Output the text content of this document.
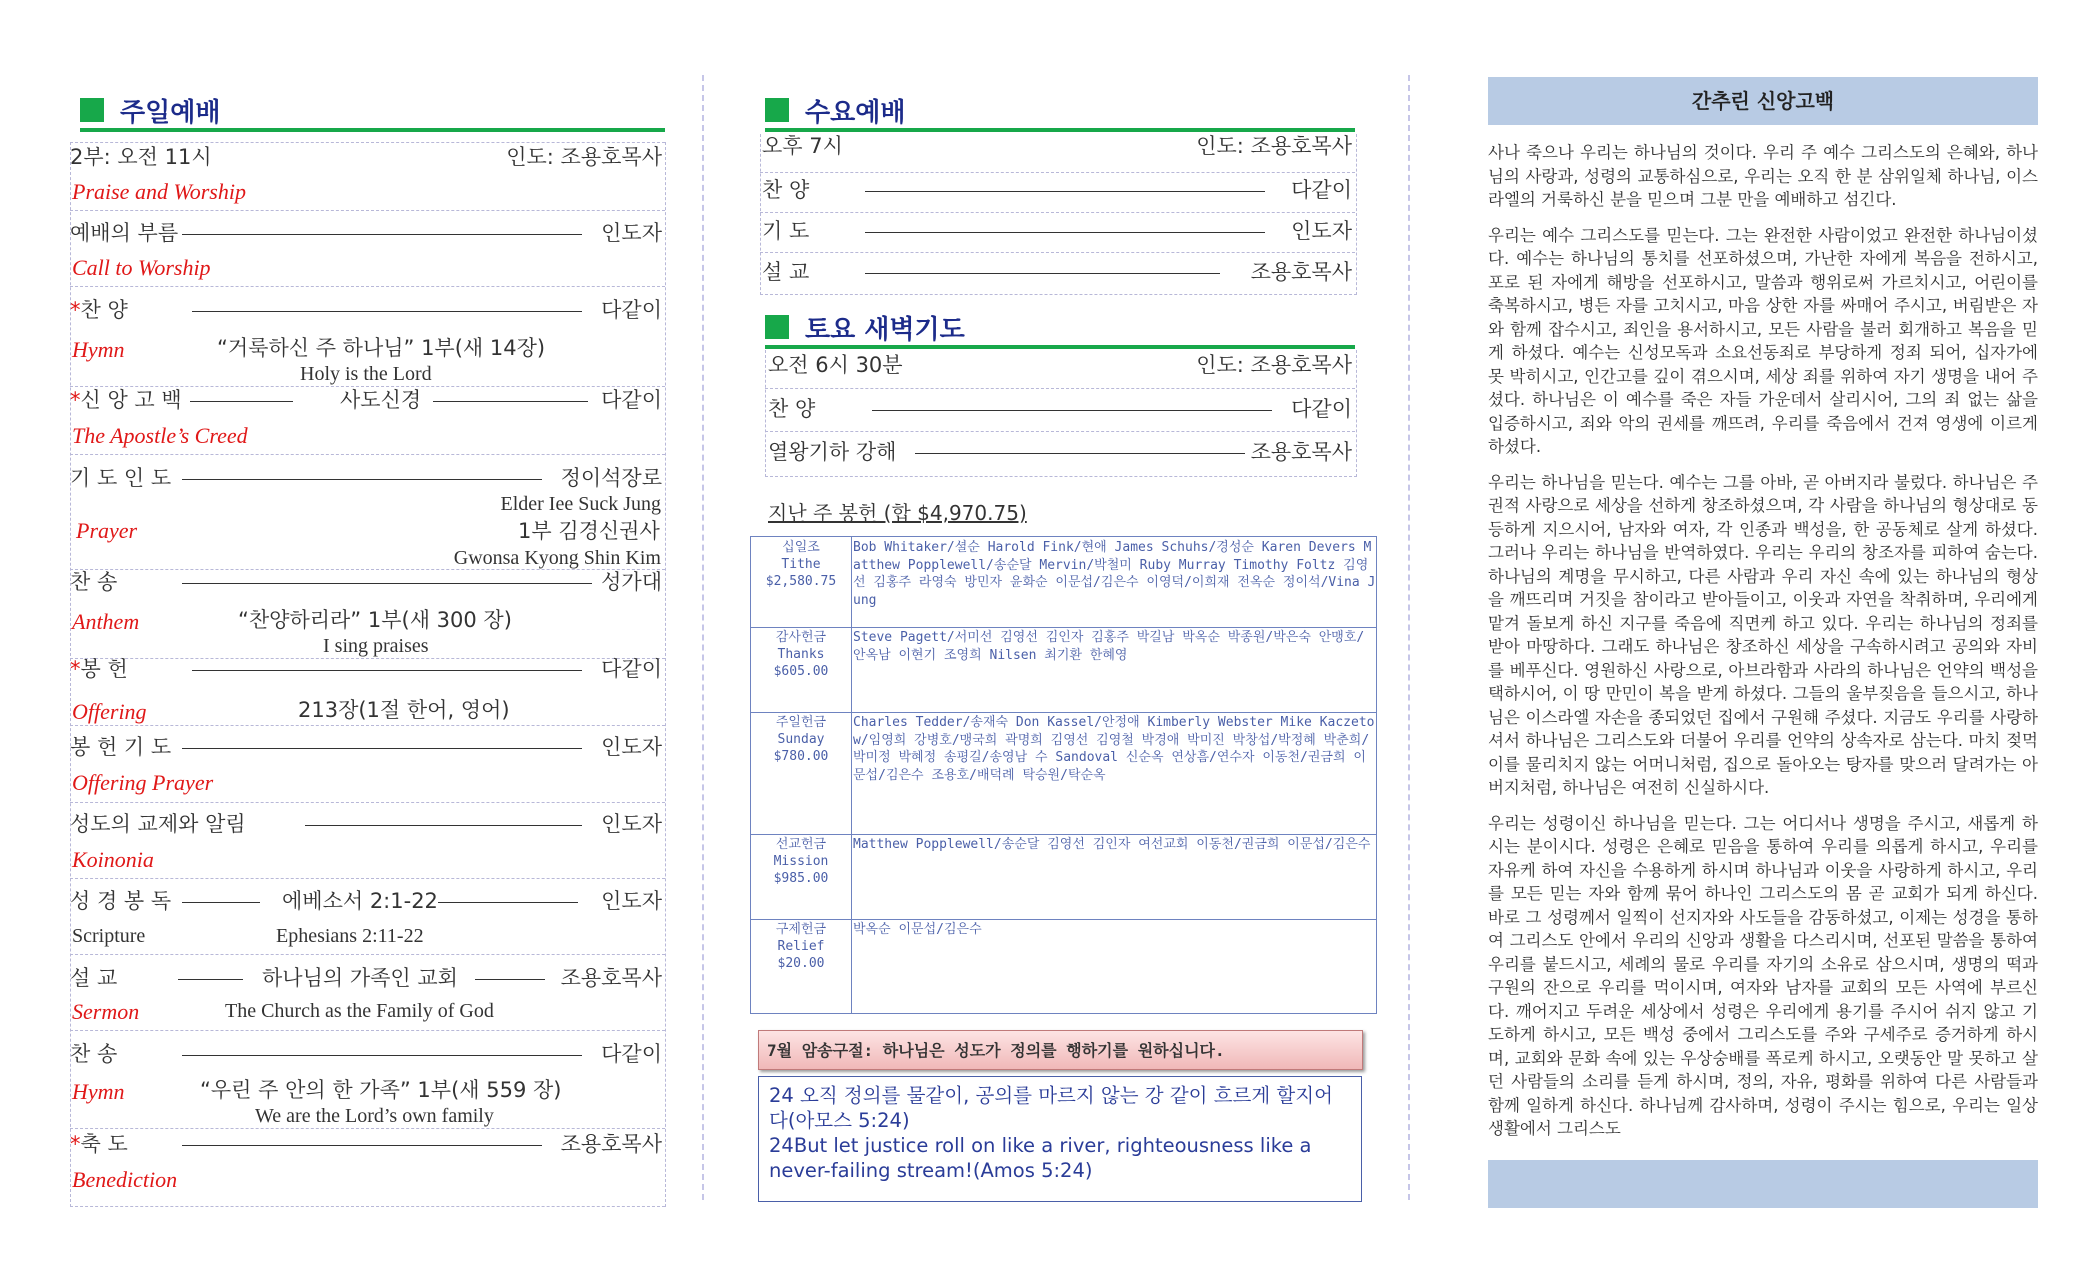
주일예배
2부: 오전 11시	인도: 조용호목사
Praise and Worship
예배의 부름	인도자
Call to Worship
*찬 양	다같이
Hymn	“거룩하신 주 하나님” 1부(새 14장)
Holy is the Lord
*신 앙 고 백	다같이
사도신경
The Apostle’s Creed
기 도 인 도	정이석장로
Elder Iee Suck Jung
Prayer	1부 김경신권사
Gwonsa Kyong Shin Kim
찬 송	성가대
Anthem	“찬양하리라” 1부(새 300 장)
I sing praises
*봉 헌	다같이
Offering	213장(1절 한어, 영어)
봉 헌 기 도	인도자
Offering Prayer
성도의 교제와 알림	인도자
Koinonia
성 경 봉 독	인도자
에베소서 2:1-22
Scripture	Ephesians 2:11-22
설 교	조용호목사
하나님의 가족인 교회
Sermon	The Church as the Family of God
찬 송	다같이
Hymn	“우린 주 안의 한 가족” 1부(새 559 장)
We are the Lord’s own family
*축 도	조용호목사
Benediction
수요예배
오후 7시	인도: 조용호목사
찬 양	다같이
기 도	인도자
설 교	조용호목사
토요 새벽기도
오전 6시 30분	인도: 조용호목사
찬 양	다같이
열왕기하 강해	조용호목사
지난 주 봉헌 (합 $4,970.75)
십일조
Tithe
$2,580.75
Bob Whitaker/셜순 Harold Fink/현애 James Schuhs/경성순 Karen Devers Matthew Popplewell/송순달 Mervin/박철미 Ruby Murray Timothy Foltz 김영선 김홍주 라영숙 방민자 윤화순 이문섭/김은수 이영덕/이희재 전옥순 정이석/Vina Jung
감사헌금
Thanks
$605.00
Steve Pagett/서미선 김영선 김인자 김홍주 박길남 박옥순 박종원/박은숙 안맹호/안옥남 이현기 조영희 Nilsen 최기환 한혜영
주일헌금
Sunday
$780.00
Charles Tedder/송재숙 Don Kassel/안정애 Kimberly Webster Mike Kaczetow/임영희 강병호/맹국희 곽명희 김영선 김영철 박경애 박미진 박창섭/박정혜 박춘희/박미정 박혜정 송평길/송영남 수 Sandoval 신순옥 연상흠/연수자 이동천/권금희 이문섭/김은수 조용호/배덕례 탁승원/탁순옥
선교헌금
Mission
$985.00
Matthew Popplewell/송순달 김영선 김인자 여선교회 이동천/권금희 이문섭/김은수
구제헌금
Relief
$20.00
박옥순 이문섭/김은수
7월 암송구절: 하나님은 성도가 정의를 행하기를 원하십니다.
24 오직 정의를 물같이, 공의를 마르지 않는 강 같이 흐르게 할지어다(아모스 5:24)
24But let justice roll on like a river, righteousness like a never-failing stream!(Amos 5:24)
간추린 신앙고백

사나 죽으나 우리는 하나님의 것이다. 우리 주 예수 그리스도의 은혜와, 하나님의 사랑과, 성령의 교통하심으로, 우리는 오직 한 분 삼위일체 하나님, 이스라엘의 거룩하신 분을 믿으며 그분 만을 예배하고 섬긴다.

우리는 예수 그리스도를 믿는다. 그는 완전한 사람이었고 완전한 하나님이셨다. 예수는 하나님의 통치를 선포하셨으며, 가난한 자에게 복음을 전하시고, 포로 된 자에게 해방을 선포하시고, 말씀과 행위로써 가르치시고, 어린이를 축복하시고, 병든 자를 고치시고, 마음 상한 자를 싸매어 주시고, 버림받은 자와 함께 잡수시고, 죄인을 용서하시고, 모든 사람을 불러 회개하고 복음을 믿게 하셨다. 예수는 신성모독과 소요선동죄로 부당하게 정죄 되어, 십자가에 못 박히시고, 인간고를 깊이 겪으시며, 세상 죄를 위하여 자기 생명을 내어 주셨다. 하나님은 이 예수를 죽은 자들 가운데서 살리시어, 그의 죄 없는 삶을 입증하시고, 죄와 악의 권세를 깨뜨려, 우리를 죽음에서 건져 영생에 이르게 하셨다.

우리는 하나님을 믿는다. 예수는 그를 아바, 곧 아버지라 불렀다. 하나님은 주권적 사랑으로 세상을 선하게 창조하셨으며, 각 사람을 하나님의 형상대로 동등하게 지으시어, 남자와 여자, 각 인종과 백성을, 한 공동체로 살게 하셨다. 그러나 우리는 하나님을 반역하였다. 우리는 우리의 창조자를 피하여 숨는다. 하나님의 계명을 무시하고, 다른 사람과 우리 자신 속에 있는 하나님의 형상을 깨뜨리며 거짓을 참이라고 받아들이고, 이웃과 자연을 착취하며, 우리에게 맡겨 돌보게 하신 지구를 죽음에 직면케 하고 있다. 우리는 하나님의 정죄를 받아 마땅하다. 그래도 하나님은 창조하신 세상을 구속하시려고 공의와 자비를 베푸신다. 영원하신 사랑으로, 아브라함과 사라의 하나님은 언약의 백성을 택하시어, 이 땅 만민이 복을 받게 하셨다. 그들의 울부짖음을 들으시고, 하나님은 이스라엘 자손을 종되었던 집에서 구원해 주셨다. 지금도 우리를 사랑하셔서 하나님은 그리스도와 더불어 우리를 언약의 상속자로 삼는다. 마치 젖먹이를 물리치지 않는 어머니처럼, 집으로 돌아오는 탕자를 맞으러 달려가는 아버지처럼, 하나님은 여전히 신실하시다.

우리는 성령이신 하나님을 믿는다. 그는 어디서나 생명을 주시고, 새롭게 하시는 분이시다. 성령은 은혜로 믿음을 통하여 우리를 의롭게 하시고, 우리를 자유케 하여 자신을 수용하게 하시며 하나님과 이웃을 사랑하게 하시고, 우리를 모든 믿는 자와 함께 묶어 하나인 그리스도의 몸 곧 교회가 되게 하신다. 바로 그 성령께서 일찍이 선지자와 사도들을 감동하셨고, 이제는 성경을 통하여 그리스도 안에서 우리의 신앙과 생활을 다스리시며, 선포된 말씀을 통하여 우리를 붙드시고, 세례의 물로 우리를 자기의 소유로 삼으시며, 생명의 떡과 구원의 잔으로 우리를 먹이시며, 여자와 남자를 교회의 모든 사역에 부르신다. 깨어지고 두려운 세상에서 성령은 우리에게 용기를 주시어 쉬지 않고 기도하게 하시고, 모든 백성 중에서 그리스도를 주와 구세주로 증거하게 하시며, 교회와 문화 속에 있는 우상숭배를 폭로케 하시고, 오랫동안 말 못하고 살던 사람들의 소리를 듣게 하시며, 정의, 자유, 평화를 위하여 다른 사람들과 함께 일하게 하신다. 하나님께 감사하며, 성령이 주시는 힘으로, 우리는 일상 생활에서 그리스도
